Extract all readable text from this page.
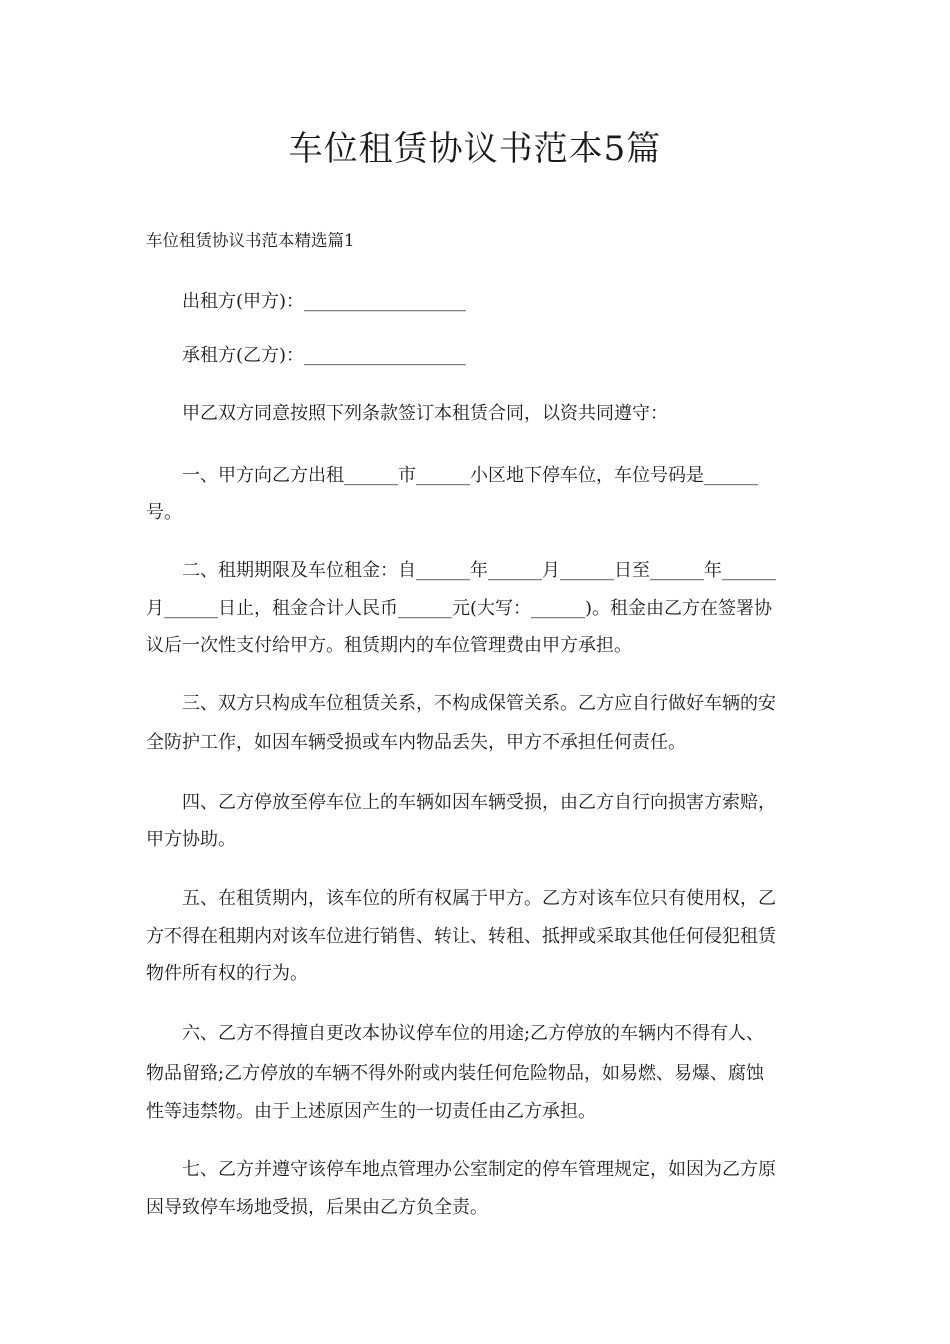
车位租赁协议书范本5篇
车位租赁协议书范本精选篇1
出租方(甲方)：__________________
承租方(乙方)：__________________
甲乙双方同意按照下列条款签订本租赁合同，以资共同遵守：
一、甲方向乙方出租______市______小区地下停车位，车位号码是______
号。
二、租期期限及车位租金：自______年______月______日至______年______
月______日止，租金合计人民币______元(大写：______)。租金由乙方在签署协
议后一次性支付给甲方。租赁期内的车位管理费由甲方承担。
三、双方只构成车位租赁关系，不构成保管关系。乙方应自行做好车辆的安
全防护工作，如因车辆受损或车内物品丢失，甲方不承担任何责任。
四、乙方停放至停车位上的车辆如因车辆受损，由乙方自行向损害方索赔，
甲方协助。
五、在租赁期内，该车位的所有权属于甲方。乙方对该车位只有使用权，乙
方不得在租期内对该车位进行销售、转让、转租、抵押或采取其他任何侵犯租赁
物件所有权的行为。
六、乙方不得擅自更改本协议停车位的用途;乙方停放的车辆内不得有人、
物品留臵;乙方停放的车辆不得外附或内装任何危险物品，如易燃、易爆、腐蚀
性等违禁物。由于上述原因产生的一切责任由乙方承担。
七、乙方并遵守该停车地点管理办公室制定的停车管理规定，如因为乙方原
因导致停车场地受损，后果由乙方负全责。
